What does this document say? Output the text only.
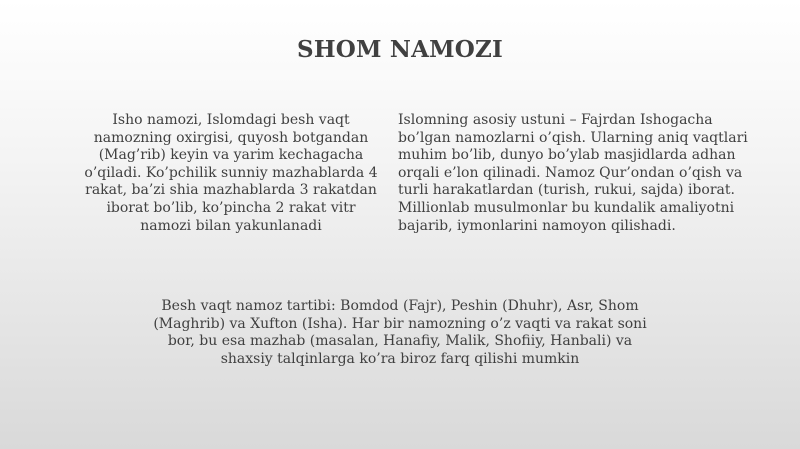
SHOM NAMOZI
Isho namozi, Islomdagi besh vaqt namozning oxirgisi, quyosh botgandan (Mag’rib) keyin va yarim kechagacha o’qiladi. Ko’pchilik sunniy mazhablarda 4 rakat, ba’zi shia mazhablarda 3 rakatdan iborat bo’lib, ko’pincha 2 rakat vitr namozi bilan yakunlanadi
Islomning asosiy ustuni – Fajrdan Ishogacha bo’lgan namozlarni o’qish. Ularning aniq vaqtlari muhim bo’lib, dunyo bo’ylab masjidlarda adhan orqali e’lon qilinadi. Namoz Qur’ondan o’qish va turli harakatlardan (turish, rukui, sajda) iborat. Millionlab musulmonlar bu kundalik amaliyotni bajarib, iymonlarini namoyon qilishadi.
Besh vaqt namoz tartibi: Bomdod (Fajr), Peshin (Dhuhr), Asr, Shom (Maghrib) va Xufton (Isha). Har bir namozning o’z vaqti va rakat soni bor, bu esa mazhab (masalan, Hanafiy, Malik, Shofiiy, Hanbali) va shaxsiy talqinlarga ko’ra biroz farq qilishi mumkin
